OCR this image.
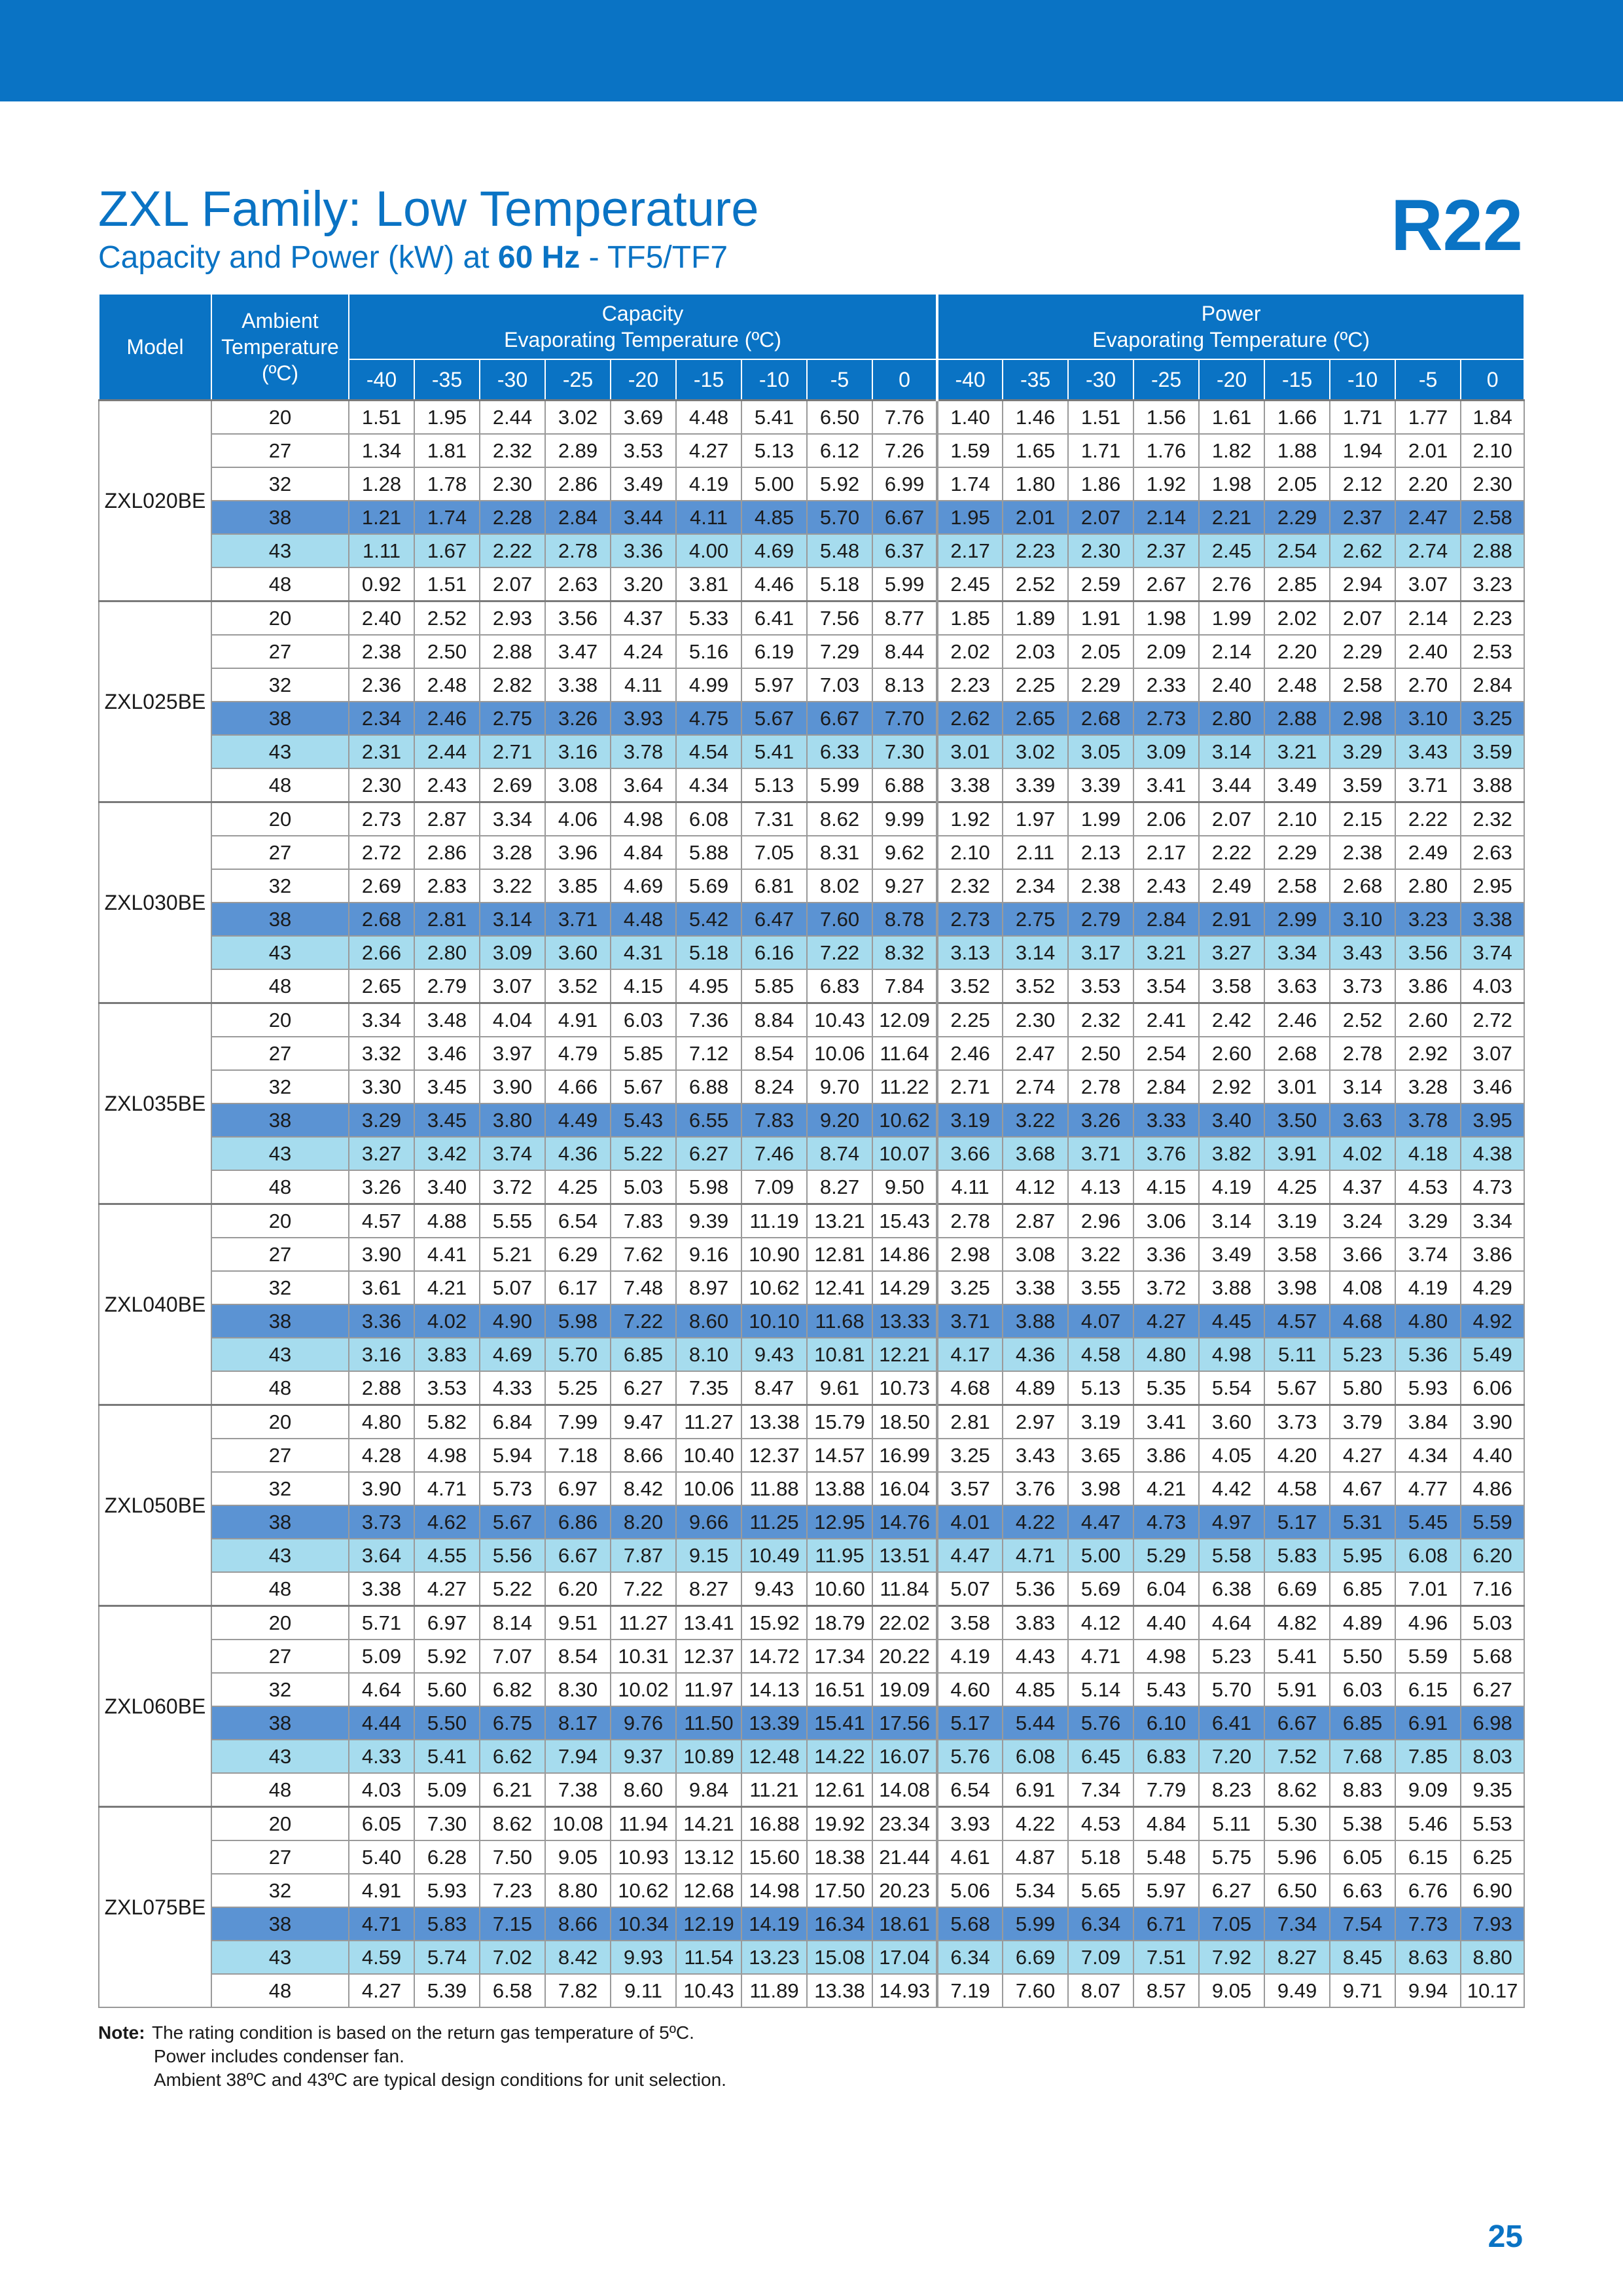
ZXL Family: Low Temperature
Capacity and Power (kW) at 60 Hz - TF5/TF7	R22
Model	Ambient
Temperature
(ºC)	Capacity
Evaporating Temperature (ºC)									Power
Evaporating Temperature (ºC)								
		-40	-35	-30	-25	-20	-15	-10	-5	0	-40	-35	-30	-25	-20	-15	-10	-5	0
ZXL020BE	20	1.51	1.95	2.44	3.02	3.69	4.48	5.41	6.50	7.76	1.40	1.46	1.51	1.56	1.61	1.66	1.71	1.77	1.84
	27	1.34	1.81	2.32	2.89	3.53	4.27	5.13	6.12	7.26	1.59	1.65	1.71	1.76	1.82	1.88	1.94	2.01	2.10
	32	1.28	1.78	2.30	2.86	3.49	4.19	5.00	5.92	6.99	1.74	1.80	1.86	1.92	1.98	2.05	2.12	2.20	2.30
	38	1.21	1.74	2.28	2.84	3.44	4.11	4.85	5.70	6.67	1.95	2.01	2.07	2.14	2.21	2.29	2.37	2.47	2.58
	43	1.11	1.67	2.22	2.78	3.36	4.00	4.69	5.48	6.37	2.17	2.23	2.30	2.37	2.45	2.54	2.62	2.74	2.88
	48	0.92	1.51	2.07	2.63	3.20	3.81	4.46	5.18	5.99	2.45	2.52	2.59	2.67	2.76	2.85	2.94	3.07	3.23
ZXL025BE	20	2.40	2.52	2.93	3.56	4.37	5.33	6.41	7.56	8.77	1.85	1.89	1.91	1.98	1.99	2.02	2.07	2.14	2.23
	27	2.38	2.50	2.88	3.47	4.24	5.16	6.19	7.29	8.44	2.02	2.03	2.05	2.09	2.14	2.20	2.29	2.40	2.53
	32	2.36	2.48	2.82	3.38	4.11	4.99	5.97	7.03	8.13	2.23	2.25	2.29	2.33	2.40	2.48	2.58	2.70	2.84
	38	2.34	2.46	2.75	3.26	3.93	4.75	5.67	6.67	7.70	2.62	2.65	2.68	2.73	2.80	2.88	2.98	3.10	3.25
	43	2.31	2.44	2.71	3.16	3.78	4.54	5.41	6.33	7.30	3.01	3.02	3.05	3.09	3.14	3.21	3.29	3.43	3.59
	48	2.30	2.43	2.69	3.08	3.64	4.34	5.13	5.99	6.88	3.38	3.39	3.39	3.41	3.44	3.49	3.59	3.71	3.88
ZXL030BE	20	2.73	2.87	3.34	4.06	4.98	6.08	7.31	8.62	9.99	1.92	1.97	1.99	2.06	2.07	2.10	2.15	2.22	2.32
	27	2.72	2.86	3.28	3.96	4.84	5.88	7.05	8.31	9.62	2.10	2.11	2.13	2.17	2.22	2.29	2.38	2.49	2.63
	32	2.69	2.83	3.22	3.85	4.69	5.69	6.81	8.02	9.27	2.32	2.34	2.38	2.43	2.49	2.58	2.68	2.80	2.95
	38	2.68	2.81	3.14	3.71	4.48	5.42	6.47	7.60	8.78	2.73	2.75	2.79	2.84	2.91	2.99	3.10	3.23	3.38
	43	2.66	2.80	3.09	3.60	4.31	5.18	6.16	7.22	8.32	3.13	3.14	3.17	3.21	3.27	3.34	3.43	3.56	3.74
	48	2.65	2.79	3.07	3.52	4.15	4.95	5.85	6.83	7.84	3.52	3.52	3.53	3.54	3.58	3.63	3.73	3.86	4.03
ZXL035BE	20	3.34	3.48	4.04	4.91	6.03	7.36	8.84	10.43	12.09	2.25	2.30	2.32	2.41	2.42	2.46	2.52	2.60	2.72
	27	3.32	3.46	3.97	4.79	5.85	7.12	8.54	10.06	11.64	2.46	2.47	2.50	2.54	2.60	2.68	2.78	2.92	3.07
	32	3.30	3.45	3.90	4.66	5.67	6.88	8.24	9.70	11.22	2.71	2.74	2.78	2.84	2.92	3.01	3.14	3.28	3.46
	38	3.29	3.45	3.80	4.49	5.43	6.55	7.83	9.20	10.62	3.19	3.22	3.26	3.33	3.40	3.50	3.63	3.78	3.95
	43	3.27	3.42	3.74	4.36	5.22	6.27	7.46	8.74	10.07	3.66	3.68	3.71	3.76	3.82	3.91	4.02	4.18	4.38
	48	3.26	3.40	3.72	4.25	5.03	5.98	7.09	8.27	9.50	4.11	4.12	4.13	4.15	4.19	4.25	4.37	4.53	4.73
ZXL040BE	20	4.57	4.88	5.55	6.54	7.83	9.39	11.19	13.21	15.43	2.78	2.87	2.96	3.06	3.14	3.19	3.24	3.29	3.34
	27	3.90	4.41	5.21	6.29	7.62	9.16	10.90	12.81	14.86	2.98	3.08	3.22	3.36	3.49	3.58	3.66	3.74	3.86
	32	3.61	4.21	5.07	6.17	7.48	8.97	10.62	12.41	14.29	3.25	3.38	3.55	3.72	3.88	3.98	4.08	4.19	4.29
	38	3.36	4.02	4.90	5.98	7.22	8.60	10.10	11.68	13.33	3.71	3.88	4.07	4.27	4.45	4.57	4.68	4.80	4.92
	43	3.16	3.83	4.69	5.70	6.85	8.10	9.43	10.81	12.21	4.17	4.36	4.58	4.80	4.98	5.11	5.23	5.36	5.49
	48	2.88	3.53	4.33	5.25	6.27	7.35	8.47	9.61	10.73	4.68	4.89	5.13	5.35	5.54	5.67	5.80	5.93	6.06
ZXL050BE	20	4.80	5.82	6.84	7.99	9.47	11.27	13.38	15.79	18.50	2.81	2.97	3.19	3.41	3.60	3.73	3.79	3.84	3.90
	27	4.28	4.98	5.94	7.18	8.66	10.40	12.37	14.57	16.99	3.25	3.43	3.65	3.86	4.05	4.20	4.27	4.34	4.40
	32	3.90	4.71	5.73	6.97	8.42	10.06	11.88	13.88	16.04	3.57	3.76	3.98	4.21	4.42	4.58	4.67	4.77	4.86
	38	3.73	4.62	5.67	6.86	8.20	9.66	11.25	12.95	14.76	4.01	4.22	4.47	4.73	4.97	5.17	5.31	5.45	5.59
	43	3.64	4.55	5.56	6.67	7.87	9.15	10.49	11.95	13.51	4.47	4.71	5.00	5.29	5.58	5.83	5.95	6.08	6.20
	48	3.38	4.27	5.22	6.20	7.22	8.27	9.43	10.60	11.84	5.07	5.36	5.69	6.04	6.38	6.69	6.85	7.01	7.16
ZXL060BE	20	5.71	6.97	8.14	9.51	11.27	13.41	15.92	18.79	22.02	3.58	3.83	4.12	4.40	4.64	4.82	4.89	4.96	5.03
	27	5.09	5.92	7.07	8.54	10.31	12.37	14.72	17.34	20.22	4.19	4.43	4.71	4.98	5.23	5.41	5.50	5.59	5.68
	32	4.64	5.60	6.82	8.30	10.02	11.97	14.13	16.51	19.09	4.60	4.85	5.14	5.43	5.70	5.91	6.03	6.15	6.27
	38	4.44	5.50	6.75	8.17	9.76	11.50	13.39	15.41	17.56	5.17	5.44	5.76	6.10	6.41	6.67	6.85	6.91	6.98
	43	4.33	5.41	6.62	7.94	9.37	10.89	12.48	14.22	16.07	5.76	6.08	6.45	6.83	7.20	7.52	7.68	7.85	8.03
	48	4.03	5.09	6.21	7.38	8.60	9.84	11.21	12.61	14.08	6.54	6.91	7.34	7.79	8.23	8.62	8.83	9.09	9.35
ZXL075BE	20	6.05	7.30	8.62	10.08	11.94	14.21	16.88	19.92	23.34	3.93	4.22	4.53	4.84	5.11	5.30	5.38	5.46	5.53
	27	5.40	6.28	7.50	9.05	10.93	13.12	15.60	18.38	21.44	4.61	4.87	5.18	5.48	5.75	5.96	6.05	6.15	6.25
	32	4.91	5.93	7.23	8.80	10.62	12.68	14.98	17.50	20.23	5.06	5.34	5.65	5.97	6.27	6.50	6.63	6.76	6.90
	38	4.71	5.83	7.15	8.66	10.34	12.19	14.19	16.34	18.61	5.68	5.99	6.34	6.71	7.05	7.34	7.54	7.73	7.93
	43	4.59	5.74	7.02	8.42	9.93	11.54	13.23	15.08	17.04	6.34	6.69	7.09	7.51	7.92	8.27	8.45	8.63	8.80
	48	4.27	5.39	6.58	7.82	9.11	10.43	11.89	13.38	14.93	7.19	7.60	8.07	8.57	9.05	9.49	9.71	9.94	10.17
Note: The rating condition is based on the return gas temperature of 5ºC.
Power includes condenser fan.
Ambient 38ºC and 43ºC are typical design conditions for unit selection.
25
